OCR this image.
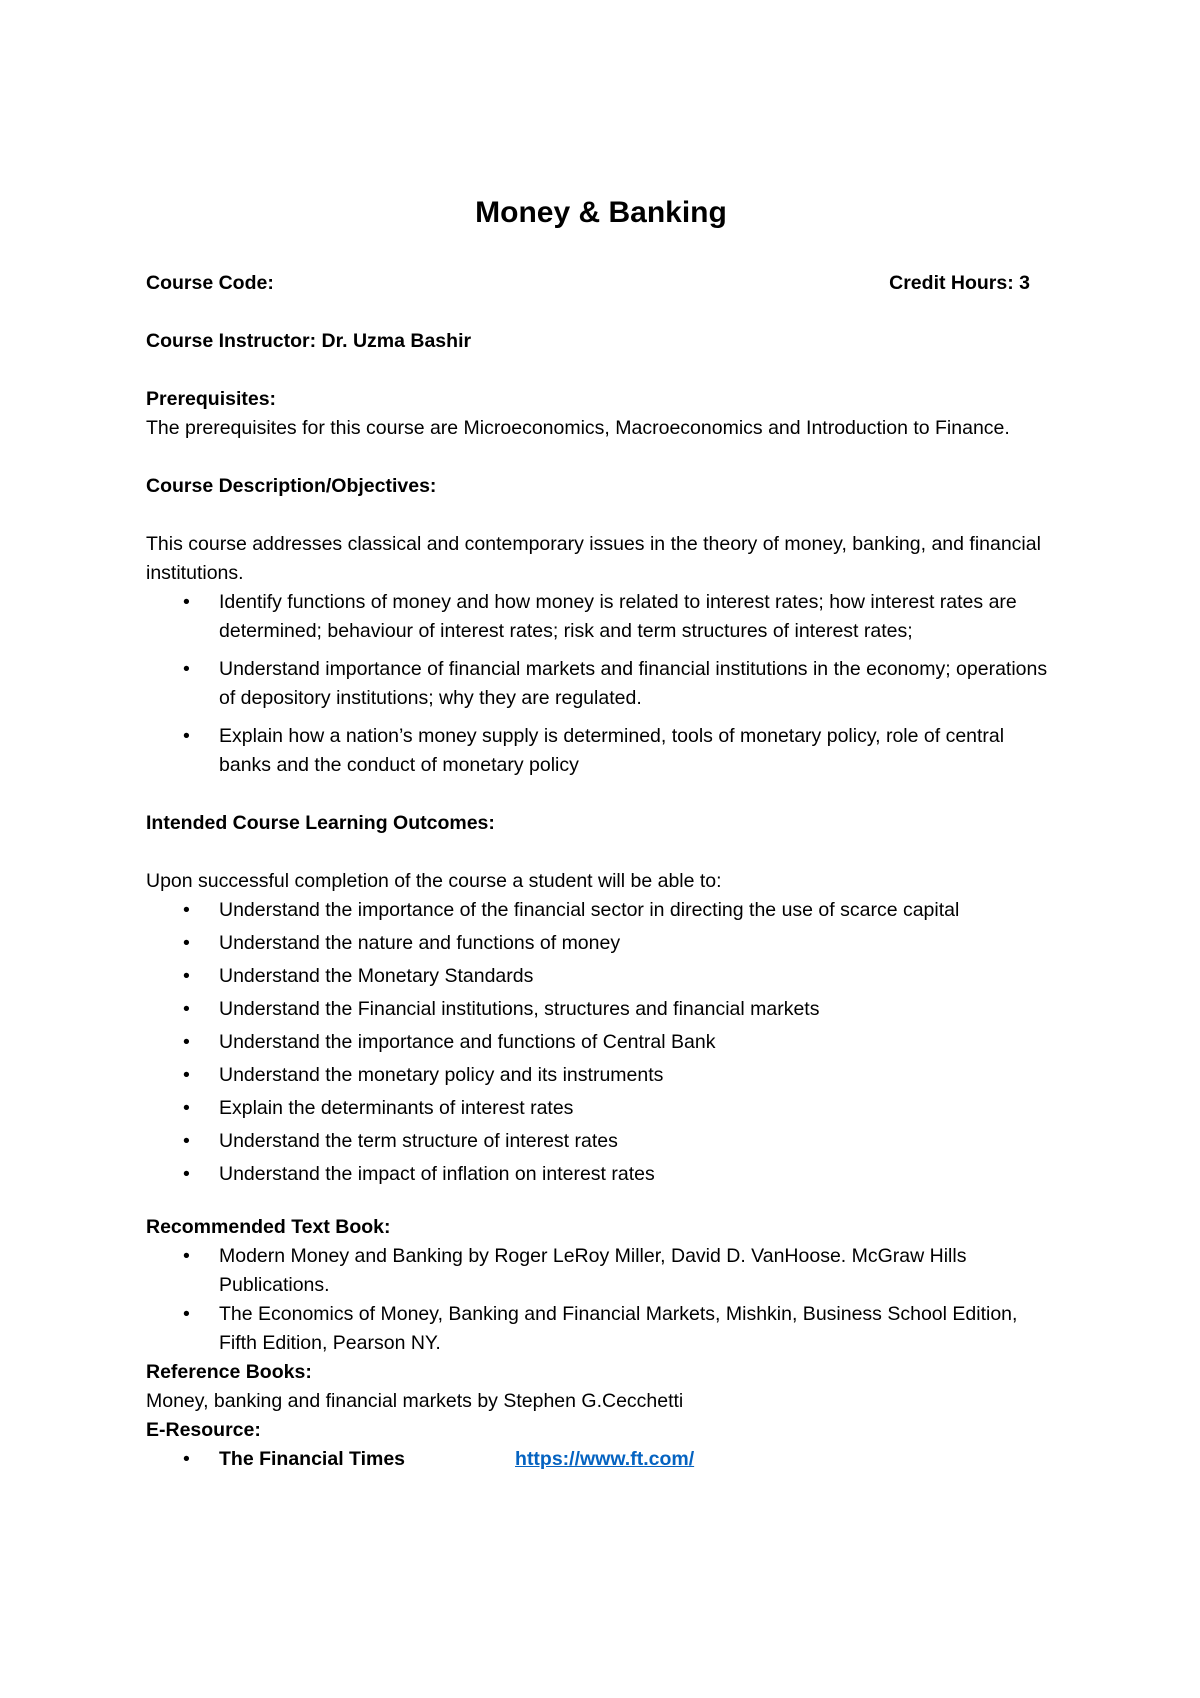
Money & Banking
Course Code:	Credit Hours: 3

Course Instructor: Dr. Uzma Bashir

Prerequisites:

The prerequisites for this course are Microeconomics, Macroeconomics and Introduction to Finance.

Course Description/Objectives:

This course addresses classical and contemporary issues in the theory of money, banking, and financial institutions.

• Identify functions of money and how money is related to interest rates; how interest rates are determined; behaviour of interest rates; risk and term structures of interest rates;
• Understand importance of financial markets and financial institutions in the economy; operations of depository institutions; why they are regulated.
• Explain how a nation’s money supply is determined, tools of monetary policy, role of central banks and the conduct of monetary policy

Intended Course Learning Outcomes:

Upon successful completion of the course a student will be able to:

• Understand the importance of the financial sector in directing the use of scarce capital
• Understand the nature and functions of money
• Understand the Monetary Standards
• Understand the Financial institutions, structures and financial markets
• Understand the importance and functions of Central Bank
• Understand the monetary policy and its instruments
• Explain the determinants of interest rates
• Understand the term structure of interest rates
• Understand the impact of inflation on interest rates

Recommended Text Book:

• Modern Money and Banking by Roger LeRoy Miller, David D. VanHoose. McGraw Hills Publications.
• The Economics of Money, Banking and Financial Markets, Mishkin, Business School Edition, Fifth Edition, Pearson NY.

Reference Books:

Money, banking and financial markets by Stephen G.Cecchetti

E-Resource:

• The Financial Times	https://www.ft.com/
